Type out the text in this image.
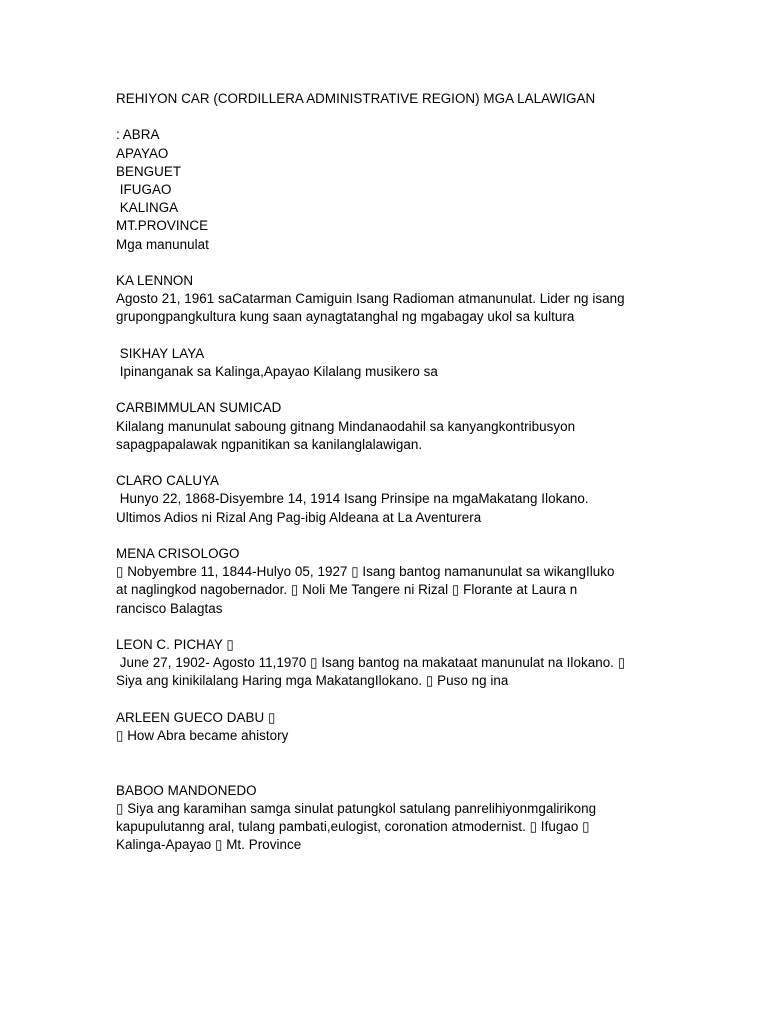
REHIYON CAR (CORDILLERA ADMINISTRATIVE REGION) MGA LALAWIGAN
: ABRA
APAYAO
BENGUET
IFUGAO
KALINGA
MT.PROVINCE
Mga manunulat
KA LENNON
Agosto 21, 1961 saCatarman Camiguin Isang Radioman atmanunulat. Lider ng isang
grupongpangkultura kung saan aynagtatanghal ng mgabagay ukol sa kultura
SIKHAY LAYA
Ipinanganak sa Kalinga,Apayao Kilalang musikero sa
CARBIMMULAN SUMICAD
Kilalang manunulat saboung gitnang Mindanaodahil sa kanyangkontribusyon
sapagpapalawak ngpanitikan sa kanilanglalawigan.
CLARO CALUYA
Hunyo 22, 1868-Disyembre 14, 1914 Isang Prinsipe na mgaMakatang Ilokano.
Ultimos Adios ni Rizal Ang Pag-ibig Aldeana at La Aventurera
MENA CRISOLOGO
▯ Nobyembre 11, 1844-Hulyo 05, 1927 ▯ Isang bantog namanunulat sa wikangIluko
at naglingkod nagobernador. ▯ Noli Me Tangere ni Rizal ▯ Florante at Laura n
rancisco Balagtas
LEON C. PICHAY ▯
June 27, 1902- Agosto 11,1970 ▯ Isang bantog na makataat manunulat na Ilokano. ▯
Siya ang kinikilalang Haring mga MakatangIlokano. ▯ Puso ng ina
ARLEEN GUECO DABU ▯
▯ How Abra became ahistory
BABOO MANDONEDO
▯ Siya ang karamihan samga sinulat patungkol satulang panrelihiyonmgalirikong
kapupulutanng aral, tulang pambati,eulogist, coronation atmodernist. ▯ Ifugao ▯
Kalinga-Apayao ▯ Mt. Province
